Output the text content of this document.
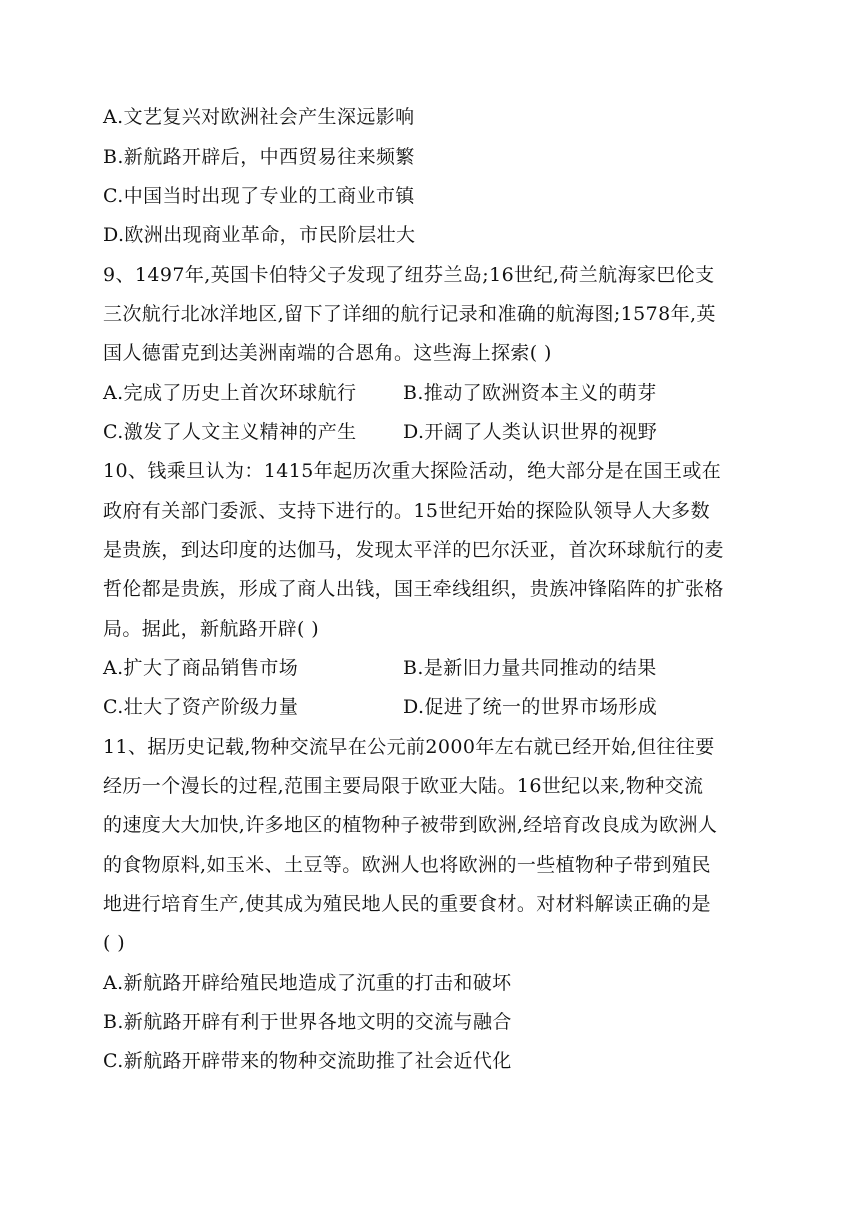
A.文艺复兴对欧洲社会产生深远影响
B.新航路开辟后，中西贸易往来频繁
C.中国当时出现了专业的工商业市镇
D.欧洲出现商业革命，市民阶层壮大
9、1497年,英国卡伯特父子发现了纽芬兰岛;16世纪,荷兰航海家巴伦支
三次航行北冰洋地区,留下了详细的航行记录和准确的航海图;1578年,英
国人德雷克到达美洲南端的合恩角。这些海上探索( )
A.完成了历史上首次环球航行 B.推动了欧洲资本主义的萌芽
C.激发了人文主义精神的产生 D.开阔了人类认识世界的视野
10、钱乘旦认为：1415年起历次重大探险活动，绝大部分是在国王或在
政府有关部门委派、支持下进行的。15世纪开始的探险队领导人大多数
是贵族，到达印度的达伽马，发现太平洋的巴尔沃亚，首次环球航行的麦
哲伦都是贵族，形成了商人出钱，国王牵线组织，贵族冲锋陷阵的扩张格
局。据此，新航路开辟( )
A.扩大了商品销售市场	B.是新旧力量共同推动的结果
C.壮大了资产阶级力量	D.促进了统一的世界市场形成
11、据历史记载,物种交流早在公元前2000年左右就已经开始,但往往要
经历一个漫长的过程,范围主要局限于欧亚大陆。16世纪以来,物种交流
的速度大大加快,许多地区的植物种子被带到欧洲,经培育改良成为欧洲人
的食物原料,如玉米、土豆等。欧洲人也将欧洲的一些植物种子带到殖民
地进行培育生产,使其成为殖民地人民的重要食材。对材料解读正确的是
( )
A.新航路开辟给殖民地造成了沉重的打击和破坏
B.新航路开辟有利于世界各地文明的交流与融合
C.新航路开辟带来的物种交流助推了社会近代化
